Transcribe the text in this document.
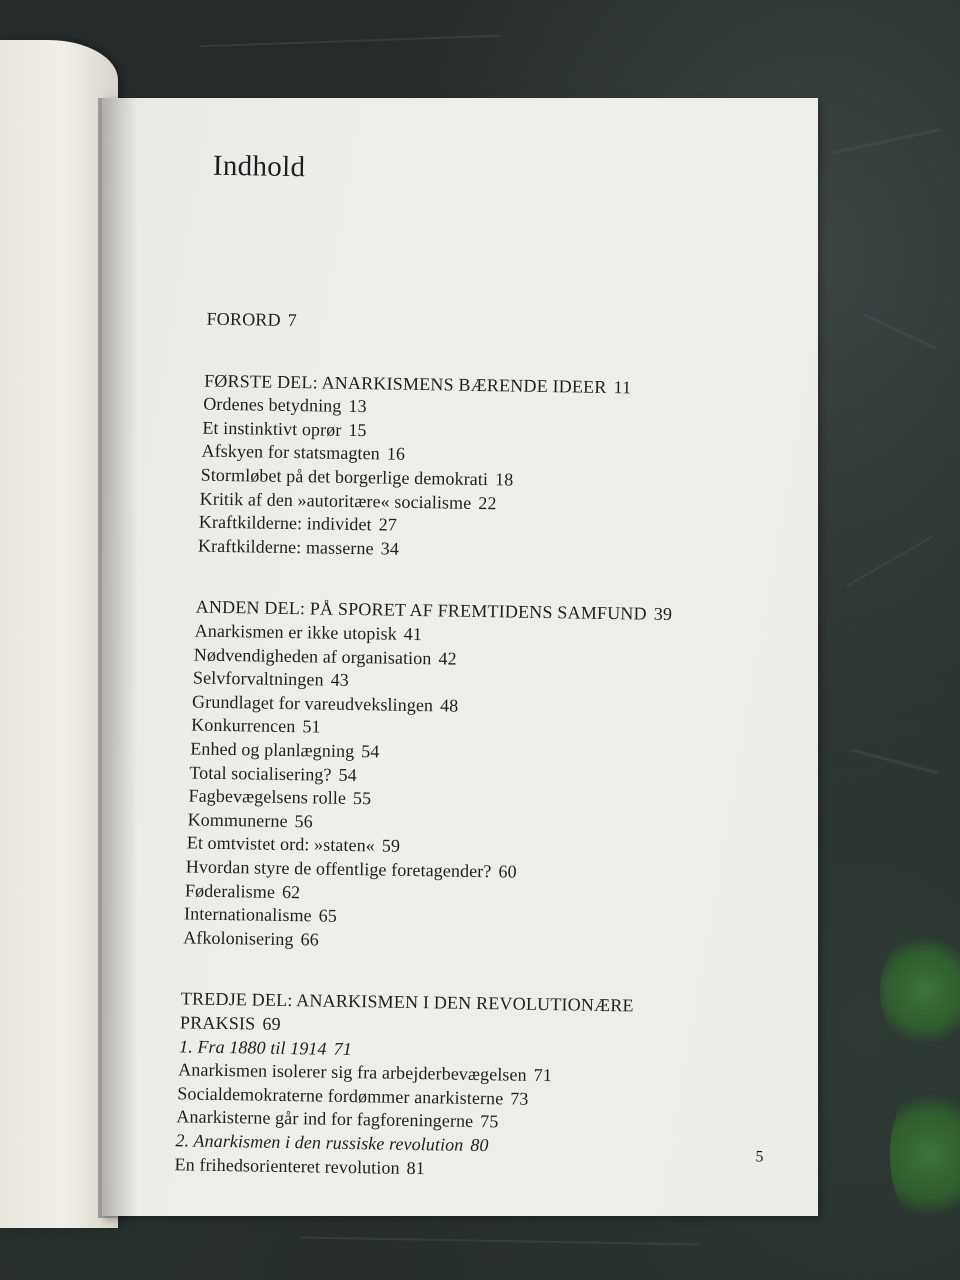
Indhold
5
FORORD 7
FØRSTE DEL: ANARKISMENS BÆRENDE IDEER 11
Ordenes betydning 13
Et instinktivt oprør 15
Afskyen for statsmagten 16
Stormløbet på det borgerlige demokrati 18
Kritik af den »autoritære« socialisme 22
Kraftkilderne: individet 27
Kraftkilderne: masserne 34
ANDEN DEL: PÅ SPORET AF FREMTIDENS SAMFUND 39
Anarkismen er ikke utopisk 41
Nødvendigheden af organisation 42
Selvforvaltningen 43
Grundlaget for vareudvekslingen 48
Konkurrencen 51
Enhed og planlægning 54
Total socialisering? 54
Fagbevægelsens rolle 55
Kommunerne 56
Et omtvistet ord: »staten« 59
Hvordan styre de offentlige foretagender? 60
Føderalisme 62
Internationalisme 65
Afkolonisering 66
TREDJE DEL: ANARKISMEN I DEN REVOLUTIONÆRE
PRAKSIS 69
1. Fra 1880 til 1914 71
Anarkismen isolerer sig fra arbejderbevægelsen 71
Socialdemokraterne fordømmer anarkisterne 73
Anarkisterne går ind for fagforeningerne 75
2. Anarkismen i den russiske revolution 80
En frihedsorienteret revolution 81
